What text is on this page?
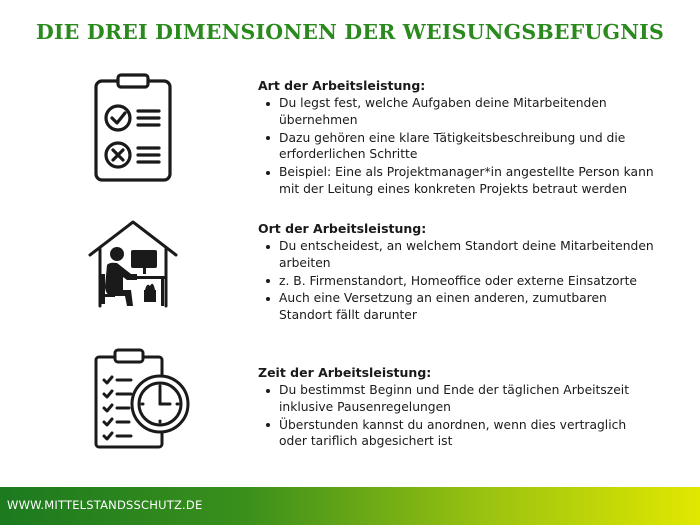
DIE DREI DIMENSIONEN DER WEISUNGSBEFUGNIS
Art der Arbeitsleistung:
Du legst fest, welche Aufgaben deine Mitarbeitenden übernehmen
Dazu gehören eine klare Tätigkeitsbeschreibung und die erforderlichen Schritte
Beispiel: Eine als Projektmanager*in angestellte Person kann mit der Leitung eines konkreten Projekts betraut werden
Ort der Arbeitsleistung:
Du entscheidest, an welchem Standort deine Mitarbeitenden arbeiten
z. B. Firmenstandort, Homeoffice oder externe Einsatzorte
Auch eine Versetzung an einen anderen, zumutbaren Standort fällt darunter
Zeit der Arbeitsleistung:
Du bestimmst Beginn und Ende der täglichen Arbeitszeit inklusive Pausenregelungen
Überstunden kannst du anordnen, wenn dies vertraglich oder tariflich abgesichert ist
WWW.MITTELSTANDSSCHUTZ.DE
